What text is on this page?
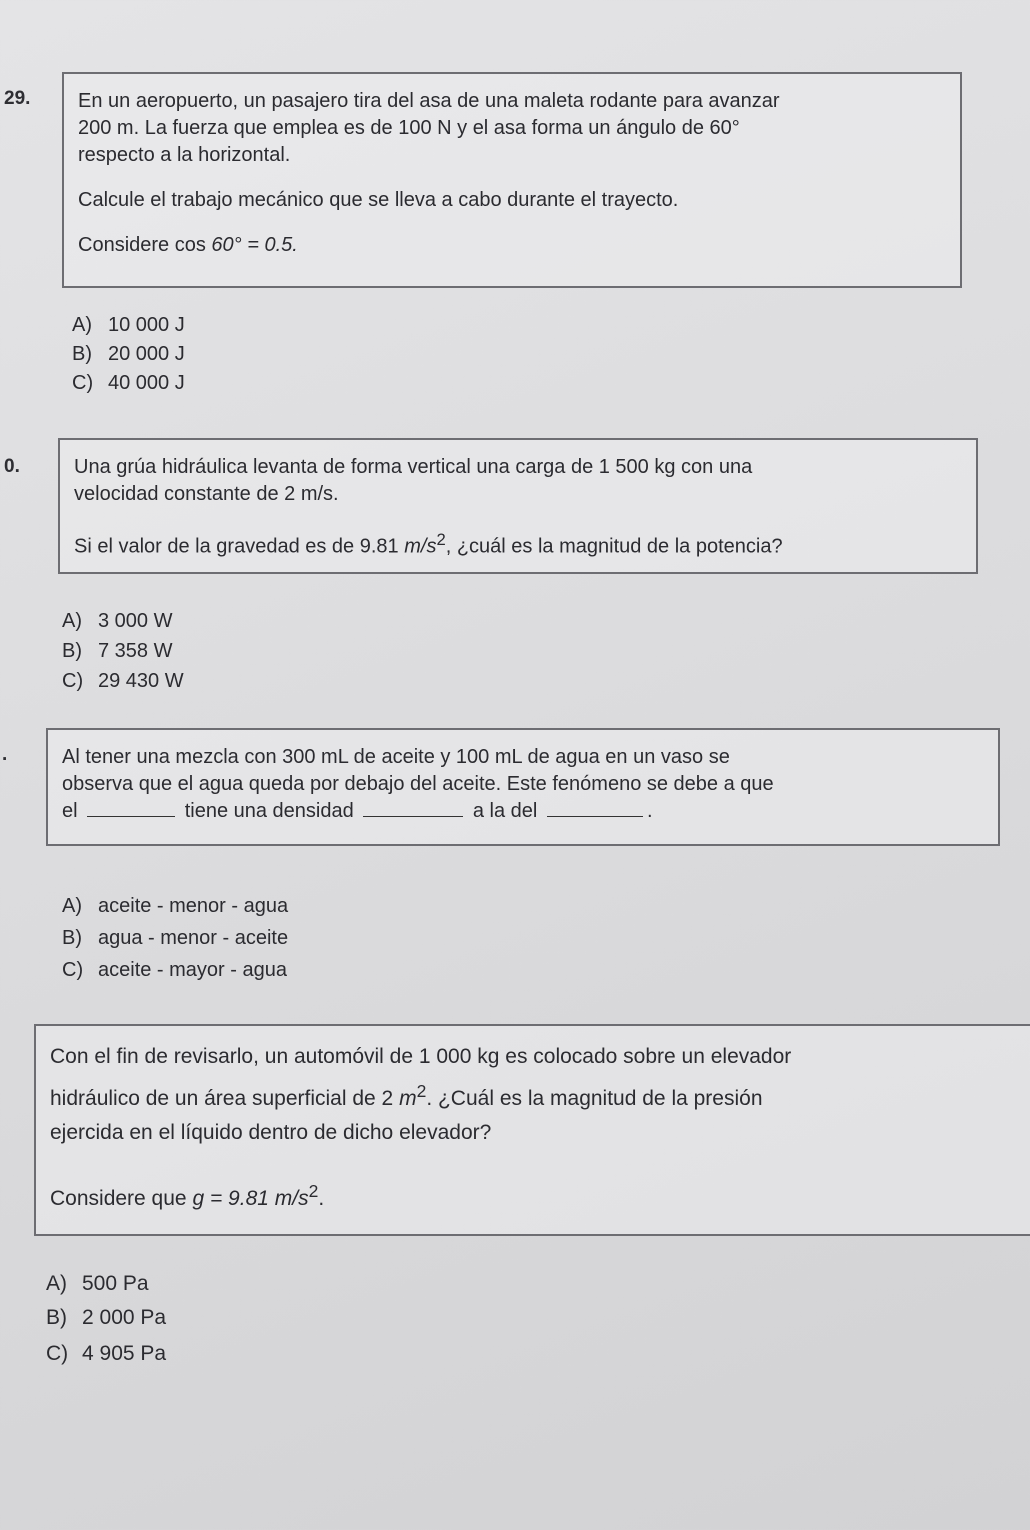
29. En un aeropuerto, un pasajero tira del asa de una maleta rodante para avanzar

200 m. La fuerza que emplea es de 100 N y el asa forma un ángulo de 60°

respecto a la horizontal.

Calcule el trabajo mecánico que se lleva a cabo durante el trayecto.

Considere cos 60° = 0.5.

A) 10 000 J
B) 20 000 J
C) 40 000 J
0.	Una grúa hidráulica levanta de forma vertical una carga de 1 500 kg con una

velocidad constante de 2 m/s.

Si el valor de la gravedad es de 9.81 $m/s^2$, ¿cuál es la magnitud de la potencia?

A) 3 000 W
B) 7 358 W
C) 29 430 W
.	Al tener una mezcla con 300 mL de aceite y 100 mL de agua en un vaso se

observa que el agua queda por debajo del aceite. Este fenómeno se debe a que

el	tiene una densidad	a la del	.

A) aceite - menor - agua
B) agua - menor - aceite
C) aceite - mayor - agua

Con el fin de revisarlo, un automóvil de 1 000 kg es colocado sobre un elevador

hidráulico de un área superficial de 2 $m^2$. ¿Cuál es la magnitud de la presión

ejercida en el líquido dentro de dicho elevador?

Considere que g = 9.81 $m/s^2$.

A) 500 Pa
B) 2 000 Pa
C) 4 905 Pa
